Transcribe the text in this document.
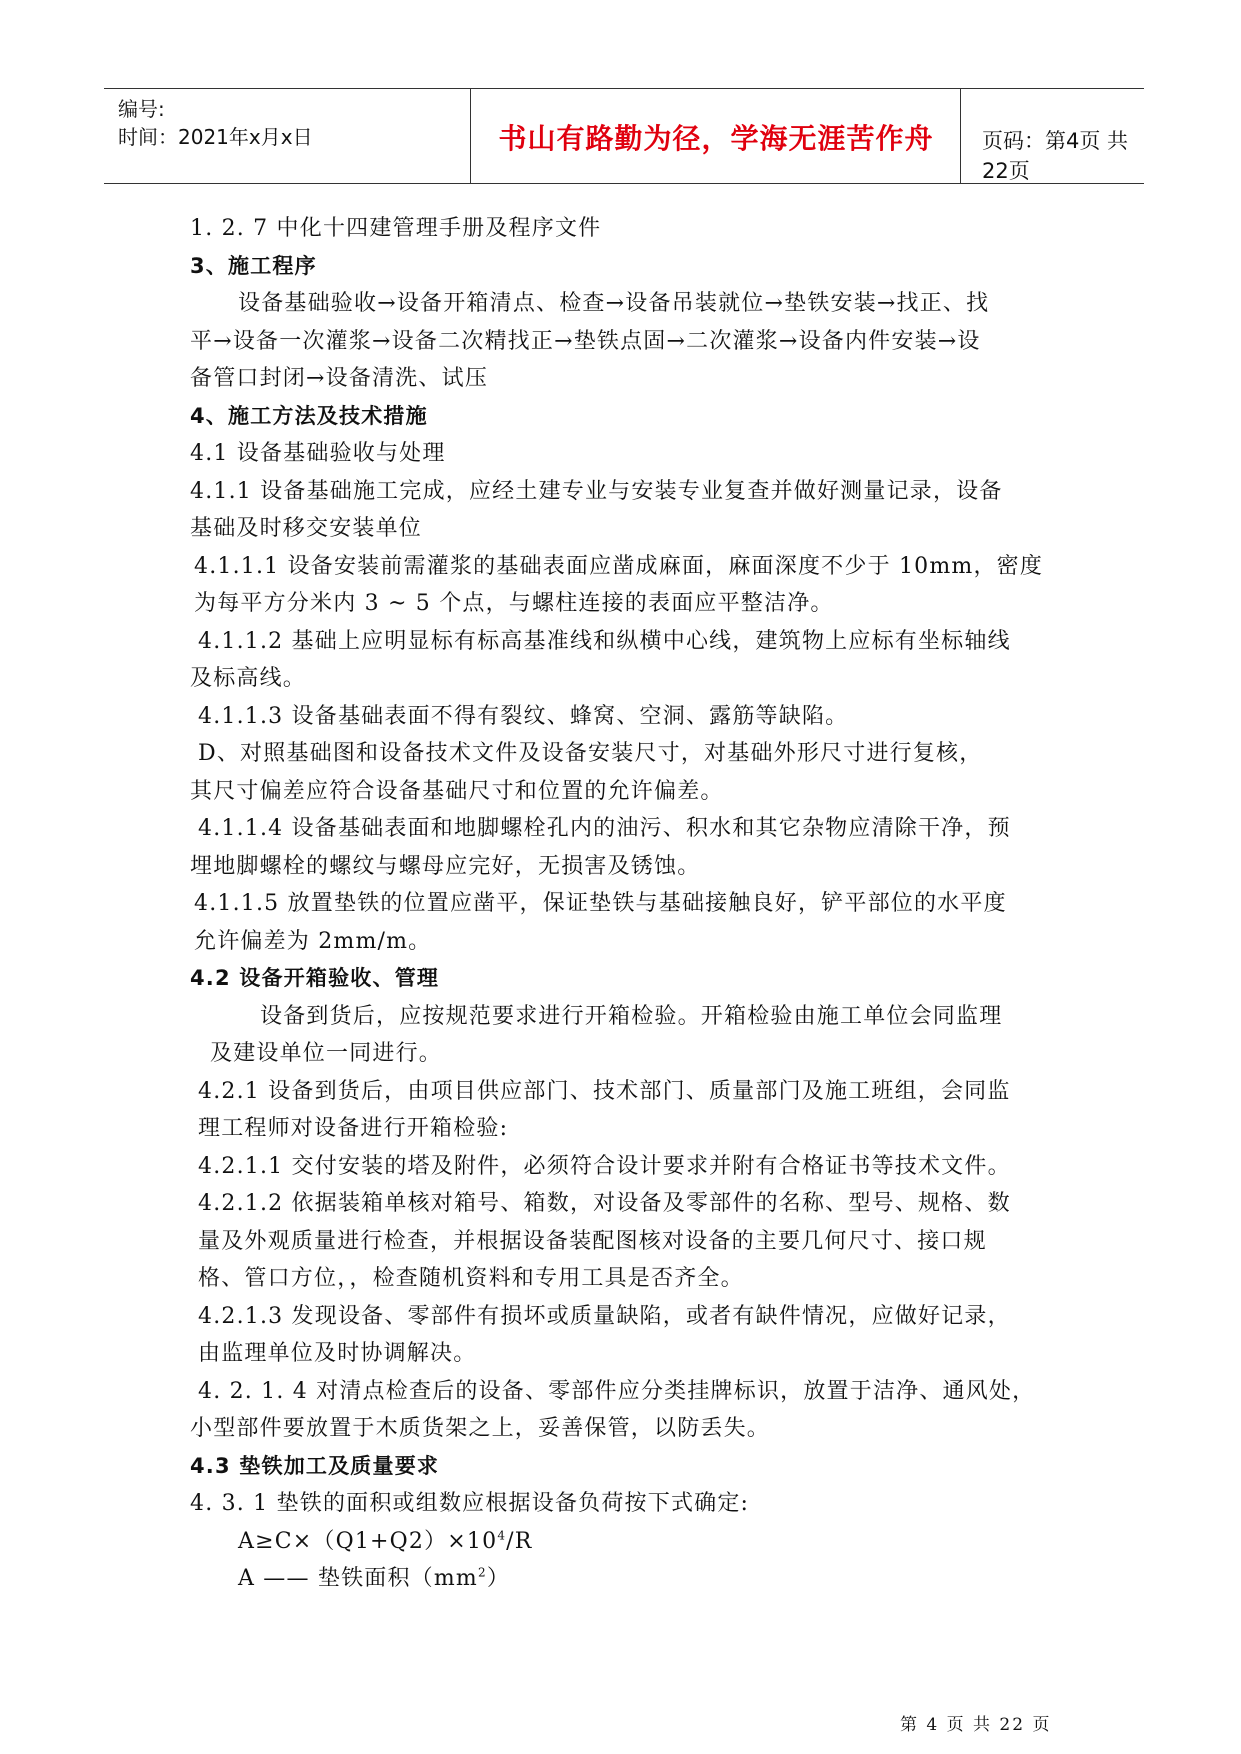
编号:
时间：2021年x月x日	书山有路勤为径，学海无涯苦作舟	页码：第4页 共22页
1. 2. 7 中化十四建管理手册及程序文件
3、施工程序
设备基础验收→设备开箱清点、检查→设备吊装就位→垫铁安装→找正、找
平→设备一次灌浆→设备二次精找正→垫铁点固→二次灌浆→设备内件安装→设
备管口封闭→设备清洗、试压
4、施工方法及技术措施
4.1 设备基础验收与处理
4.1.1 设备基础施工完成，应经土建专业与安装专业复查并做好测量记录，设备
基础及时移交安装单位
4.1.1.1 设备安装前需灌浆的基础表面应凿成麻面，麻面深度不少于 10mm，密度
为每平方分米内 3 ~ 5 个点，与螺柱连接的表面应平整洁净。
4.1.1.2 基础上应明显标有标高基准线和纵横中心线，建筑物上应标有坐标轴线
及标高线。
4.1.1.3 设备基础表面不得有裂纹、蜂窝、空洞、露筋等缺陷。
D、对照基础图和设备技术文件及设备安装尺寸，对基础外形尺寸进行复核，
其尺寸偏差应符合设备基础尺寸和位置的允许偏差。
4.1.1.4 设备基础表面和地脚螺栓孔内的油污、积水和其它杂物应清除干净，预
埋地脚螺栓的螺纹与螺母应完好，无损害及锈蚀。
4.1.1.5 放置垫铁的位置应凿平，保证垫铁与基础接触良好，铲平部位的水平度
允许偏差为 2mm/m。
4.2 设备开箱验收、管理
设备到货后，应按规范要求进行开箱检验。开箱检验由施工单位会同监理
及建设单位一同进行。
4.2.1 设备到货后，由项目供应部门、技术部门、质量部门及施工班组，会同监
理工程师对设备进行开箱检验:
4.2.1.1 交付安装的塔及附件，必须符合设计要求并附有合格证书等技术文件。
4.2.1.2 依据装箱单核对箱号、箱数，对设备及零部件的名称、型号、规格、数
量及外观质量进行检查，并根据设备装配图核对设备的主要几何尺寸、接口规
格、管口方位，，检查随机资料和专用工具是否齐全。
4.2.1.3 发现设备、零部件有损坏或质量缺陷，或者有缺件情况，应做好记录，
由监理单位及时协调解决。
4. 2. 1. 4 对清点检查后的设备、零部件应分类挂牌标识，放置于洁净、通风处，
小型部件要放置于木质货架之上，妥善保管，以防丢失。
4.3 垫铁加工及质量要求
4. 3. 1 垫铁的面积或组数应根据设备负荷按下式确定:
$A\ge C\times(Q1+Q2)\times 10^4/R$
A —— 垫铁面积$(mm^2)$
第 4 页 共 22 页
